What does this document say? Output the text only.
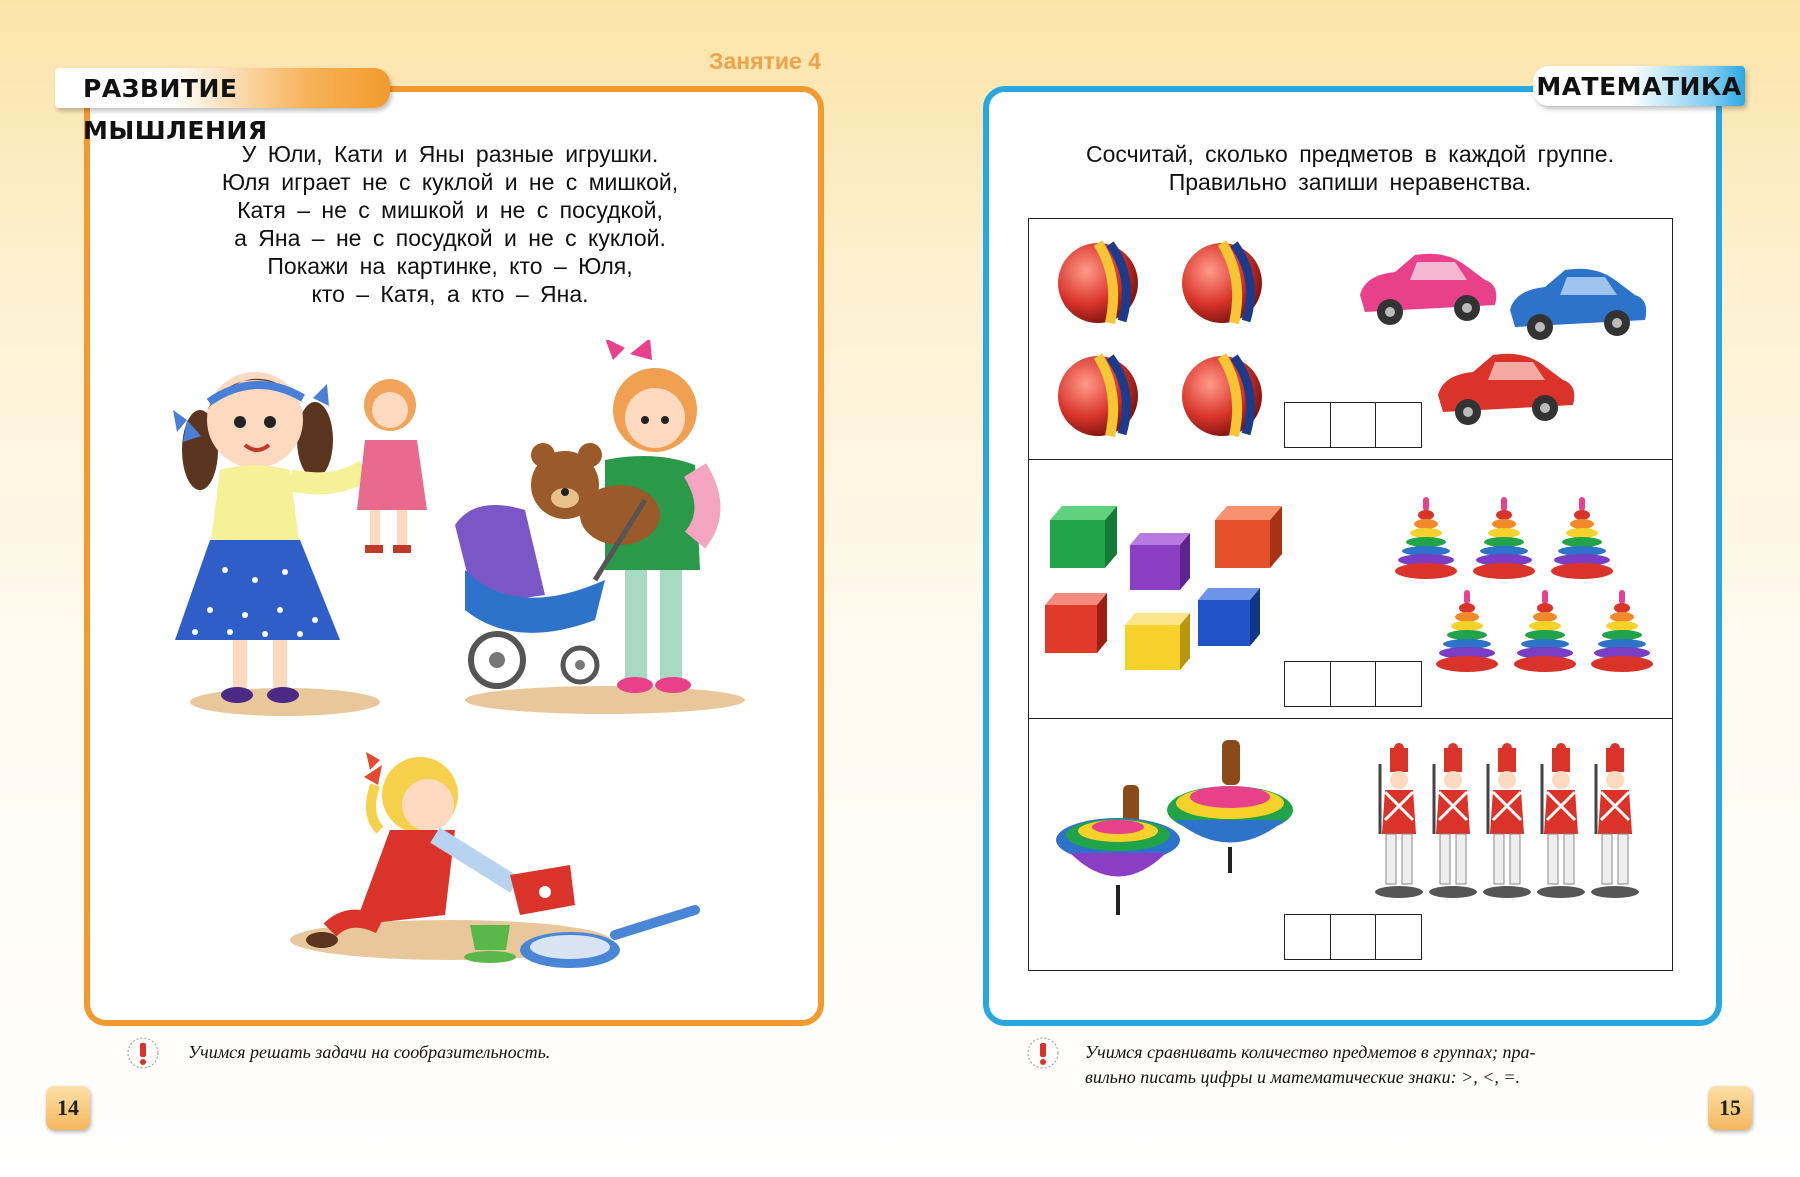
Занятие 4
РАЗВИТИЕ МЫШЛЕНИЯ
У Юли, Кати и Яны разные игрушки.
Юля играет не с куклой и не с мишкой,
Катя – не с мишкой и не с посудкой,
а Яна – не с посудкой и не с куклой.
Покажи на картинке, кто – Юля,
кто – Катя, а кто – Яна.
Учимся решать задачи на сообразительность.
14
МАТЕМАТИКА
Сосчитай, сколько предметов в каждой группе.
Правильно запиши неравенства.
Учимся сравнивать количество предметов в группах; пра-
вильно писать цифры и математические знаки: >, <, =.
15
